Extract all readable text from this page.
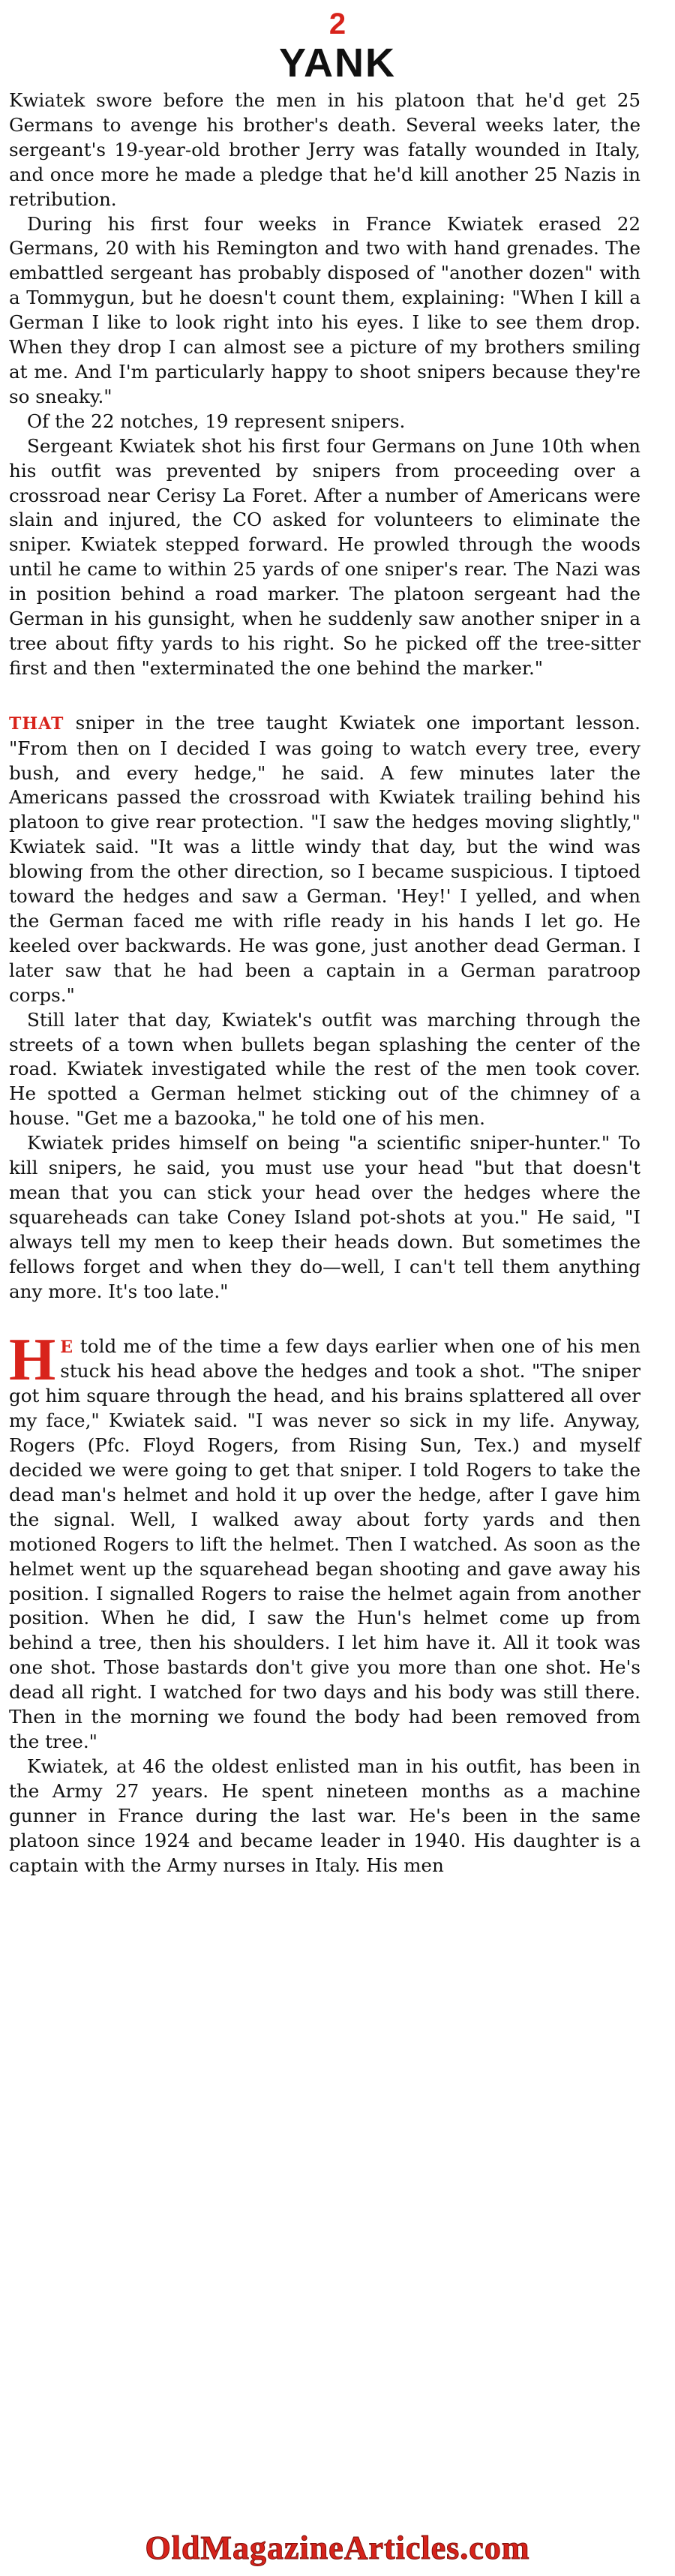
2
YANK

Kwiatek swore before the men in his platoon that he'd get 25 Germans to avenge his brother's death. Several weeks later, the sergeant's 19-year-old brother Jerry was fatally wounded in Italy, and once more he made a pledge that he'd kill another 25 Nazis in retribution.

During his first four weeks in France Kwiatek erased 22 Germans, 20 with his Remington and two with hand grenades. The embattled sergeant has probably disposed of "another dozen" with a Tommygun, but he doesn't count them, explaining: "When I kill a German I like to look right into his eyes. I like to see them drop. When they drop I can almost see a picture of my brothers smiling at me. And I'm particularly happy to shoot snipers because they're so sneaky."

Of the 22 notches, 19 represent snipers.

Sergeant Kwiatek shot his first four Germans on June 10th when his outfit was prevented by snipers from proceeding over a crossroad near Cerisy La Foret. After a number of Americans were slain and injured, the CO asked for volunteers to eliminate the sniper. Kwiatek stepped forward. He prowled through the woods until he came to within 25 yards of one sniper's rear. The Nazi was in position behind a road marker. The platoon sergeant had the German in his gunsight, when he suddenly saw another sniper in a tree about fifty yards to his right. So he picked off the tree-sitter first and then "exterminated the one behind the marker."

THAT sniper in the tree taught Kwiatek one important lesson. "From then on I decided I was going to watch every tree, every bush, and every hedge," he said. A few minutes later the Americans passed the crossroad with Kwiatek trailing behind his platoon to give rear protection. "I saw the hedges moving slightly," Kwiatek said. "It was a little windy that day, but the wind was blowing from the other direction, so I became suspicious. I tiptoed toward the hedges and saw a German. 'Hey!' I yelled, and when the German faced me with rifle ready in his hands I let go. He keeled over backwards. He was gone, just another dead German. I later saw that he had been a captain in a German paratroop corps."

Still later that day, Kwiatek's outfit was marching through the streets of a town when bullets began splashing the center of the road. Kwiatek investigated while the rest of the men took cover. He spotted a German helmet sticking out of the chimney of a house. "Get me a bazooka," he told one of his men.

Kwiatek prides himself on being "a scientific sniper-hunter." To kill snipers, he said, you must use your head "but that doesn't mean that you can stick your head over the hedges where the squareheads can take Coney Island pot-shots at you." He said, "I always tell my men to keep their heads down. But sometimes the fellows forget and when they do—well, I can't tell them anything any more. It's too late."

H E told me of the time a few days earlier when one of his men stuck his head above the hedges and took a shot. "The sniper got him square through the head, and his brains splattered all over my face," Kwiatek said. "I was never so sick in my life. Anyway, Rogers (Pfc. Floyd Rogers, from Rising Sun, Tex.) and myself decided we were going to get that sniper. I told Rogers to take the dead man's helmet and hold it up over the hedge, after I gave him the signal. Well, I walked away about forty yards and then motioned Rogers to lift the helmet. Then I watched. As soon as the helmet went up the squarehead began shooting and gave away his position. I signalled Rogers to raise the helmet again from another position. When he did, I saw the Hun's helmet come up from behind a tree, then his shoulders. I let him have it. All it took was one shot. Those bastards don't give you more than one shot. He's dead all right. I watched for two days and his body was still there. Then in the morning we found the body had been removed from the tree."

Kwiatek, at 46 the oldest enlisted man in his outfit, has been in the Army 27 years. He spent nineteen months as a machine gunner in France during the last war. He's been in the same platoon since 1924 and became leader in 1940. His daughter is a captain with the Army nurses in Italy. His men

OldMagazineArticles.com
